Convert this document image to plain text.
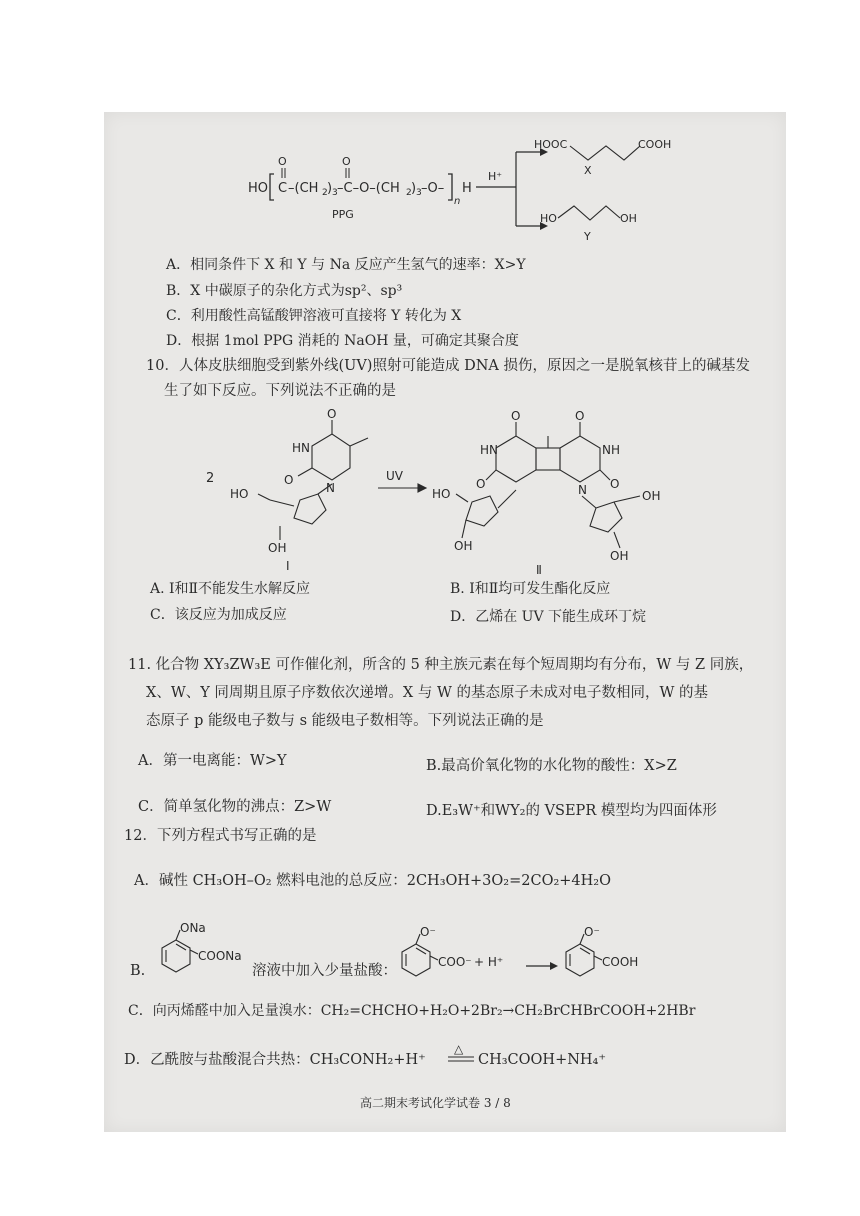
HO C
O
–(CH 2 ) 3 –C–O–(CH
O
2 ) 3 –O–
n
H
PPG
H⁺
HOOC	COOH
X
HO	OH
Y
A．相同条件下 X 和 Y 与 Na 反应产生氢气的速率：X>Y
B．X 中碳原子的杂化方式为sp²、sp³
C．利用酸性高锰酸钾溶液可直接将 Y 转化为 X
D．根据 1mol PPG 消耗的 NaOH 量，可确定其聚合度
10．人体皮肤细胞受到紫外线(UV)照射可能造成 DNA 损伤，原因之一是脱氧核苷上的碱基发
生了如下反应。下列说法不正确的是
2
O
HN
O
N
HO
OH
Ⅰ
UV
HO
OH
HN
O
O
O
NH
O
N	OH
OH
Ⅱ
A. Ⅰ和Ⅱ不能发生水解反应	B. Ⅰ和Ⅱ均可发生酯化反应
C．该反应为加成反应	D．乙烯在 UV 下能生成环丁烷
11. 化合物 XY₃ZW₃E 可作催化剂，所含的 5 种主族元素在每个短周期均有分布，W 与 Z 同族，
X、W、Y 同周期且原子序数依次递增。X 与 W 的基态原子未成对电子数相同，W 的基
态原子 p 能级电子数与 s 能级电子数相等。下列说法正确的是
A．第一电离能：W>Y	B.最高价氧化物的水化物的酸性：X>Z
C．简单氢化物的沸点：Z>W	D.E₃W⁺和WY₂的 VSEPR 模型均为四面体形
12．下列方程式书写正确的是
A．碱性 CH₃OH–O₂ 燃料电池的总反应：2CH₃OH+3O₂=2CO₂+4H₂O
B.
ONa
COONa
溶液中加入少量盐酸：
O⁻
COO⁻ + H⁺
O⁻
COOH
C．向丙烯醛中加入足量溴水：CH₂=CHCHO+H₂O+2Br₂→CH₂BrCHBrCOOH+2HBr
D．乙酰胺与盐酸混合共热：CH₃CONH₂+H⁺
△
CH₃COOH+NH₄⁺
高二期末考试化学试卷 3 / 8
